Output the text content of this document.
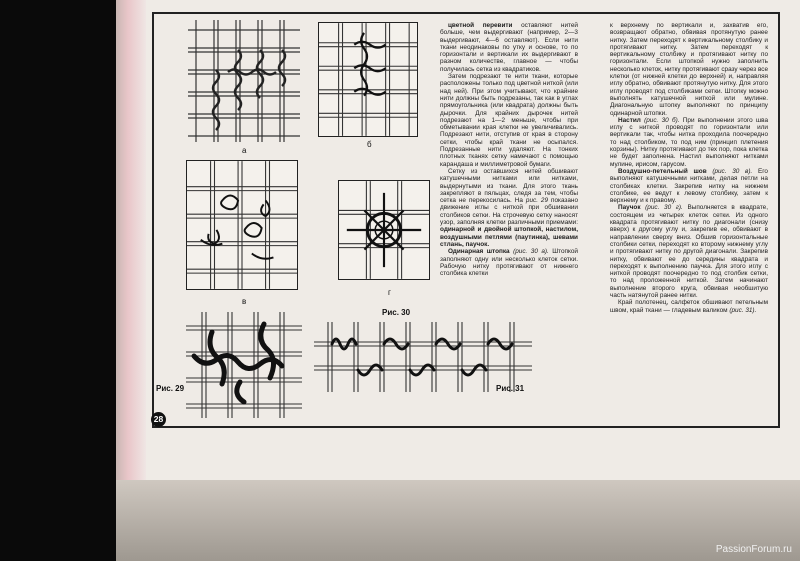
а
б
в
г
Рис. 30
Рис. 29	Рис. 31

цветной перевити оставляют нитей больше, чем выдергивают (например, 2—3 выдергивают, 4—6 оставляют). Если нити ткани неодинаковы по утку и основе, то по горизонтали и вертикали их выдергивают в разном количестве, главное — чтобы получилась сетка из квадратиков.

Затем подрезают те нити ткани, которые расположены только под цветной ниткой (или над ней). При этом учитывают, что крайние нити должны быть подрезаны, так как в углах прямоугольника (или квадрата) должны быть дырочки. Для крайних дырочек нитей подрезают на 1—2 меньше, чтобы при обметывании края клетки не увеличивались. Подрезают нити, отступив от края в сторону сетки, чтобы край ткани не осыпался. Подрезанные нити удаляют. На тонких плотных тканях сетку намечают с помощью карандаша и миллиметровой бумаги.

Сетку из оставшихся нитей обшивают катушечными нитками или нитками, выдернутыми из ткани. Для этого ткань закрепляют в пяльцах, следя за тем, чтобы сетка не перекосилась. На рис. 29 показано движение иглы с ниткой при обшивании столбиков сетки. На строчевую сетку наносят узор, заполняя клетки различными приемами: одинарной и двойной штопкой, настилом, воздушными петлями (паутинка), шевами стлань, паучок.

Одинарная штопка (рис. 30 а). Штопкой заполняют одну или несколько клеток сетки. Рабочую нитку протягивают от нижнего столбика клетки

к верхнему по вертикали и, захватив его, возвращают обратно, обвивая протянутую ранее нитку. Затем переходят к вертикальному столбику и протягивают нитку. Затем переходят к вертикальному столбику и протягивают нитку по горизонтали. Если штопкой нужно заполнить несколько клеток, нитку протягивают сразу через все клетки (от нижней клетки до верхней) и, направляя иглу обратно, обвивают протянутую нитку. Для этого иглу проводят под столбиками сетки. Штопку можно выполнять катушечной ниткой или мулине. Диагональную штопку выполняют по принципу одинарной штопки.

Настил (рис. 30 б). При выполнении этого шва иглу с ниткой проводят по горизонтали или вертикали так, чтобы нитка проходила поочередно то над столбиком, то под ним (принцип плетения корзины). Нитку протягивают до тех пор, пока клетка не будет заполнена. Настил выполняют нитками мулине, ирисом, гарусом.

Воздушно-петельный шов (рис. 30 в). Его выполняют катушечными нитками, делая петли на столбиках клетки. Закрепив нитку на нижнем столбике, ее ведут к левому столбику, затем к верхнему и к правому.

Паучок (рис. 30 г). Выполняется в квадрате, состоящем из четырех клеток сетки. Из одного квадрата протягивают нитку по диагонали (снизу вверх) к другому углу и, закрепив ее, обвивают в направлении сверху вниз. Обшив горизонтальные столбики сетки, переходят ко второму нижнему углу и протягивают нитку по другой диагонали. Закрепив нитку, обвивают ее до середины квадрата и переходят к выполнению паучка. Для этого иглу с ниткой проводят поочередно то под столбик сетки, то над проложенной ниткой. Затем начинают выполнение второго круга, обвивая необшитую часть натянутой ранее нитки.

Край полотенец, салфеток обшивают петельным швом, край ткани — гладевым валиком (рис. 31).

28
PassionForum.ru
